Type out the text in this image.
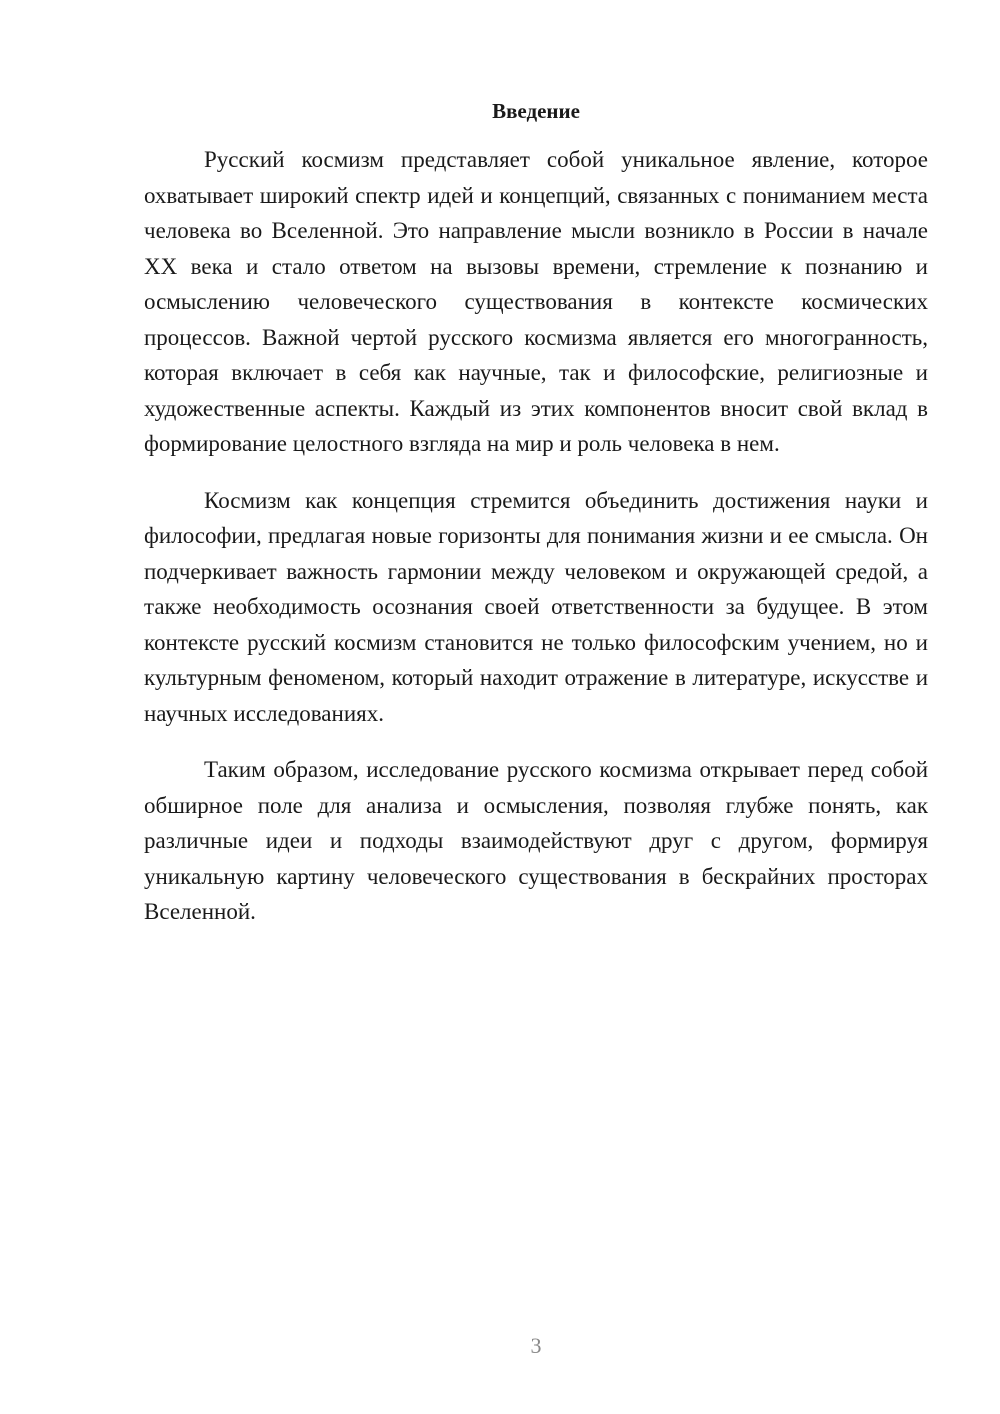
Введение

Русский космизм представляет собой уникальное явление, которое охватывает широкий спектр идей и концепций, связанных с пониманием места человека во Вселенной. Это направление мысли возникло в России в начале XX века и стало ответом на вызовы времени, стремление к познанию и осмыслению человеческого существования в контексте космических процессов. Важной чертой русского космизма является его многогранность, которая включает в себя как научные, так и философские, религиозные и художественные аспекты. Каждый из этих компонентов вносит свой вклад в формирование целостного взгляда на мир и роль человека в нем.

Космизм как концепция стремится объединить достижения науки и философии, предлагая новые горизонты для понимания жизни и ее смысла. Он подчеркивает важность гармонии между человеком и окружающей средой, а также необходимость осознания своей ответственности за будущее. В этом контексте русский космизм становится не только философским учением, но и культурным феноменом, который находит отражение в литературе, искусстве и научных исследованиях.

Таким образом, исследование русского космизма открывает перед собой обширное поле для анализа и осмысления, позволяя глубже понять, как различные идеи и подходы взаимодействуют друг с другом, формируя уникальную картину человеческого существования в бескрайних просторах Вселенной.

3
